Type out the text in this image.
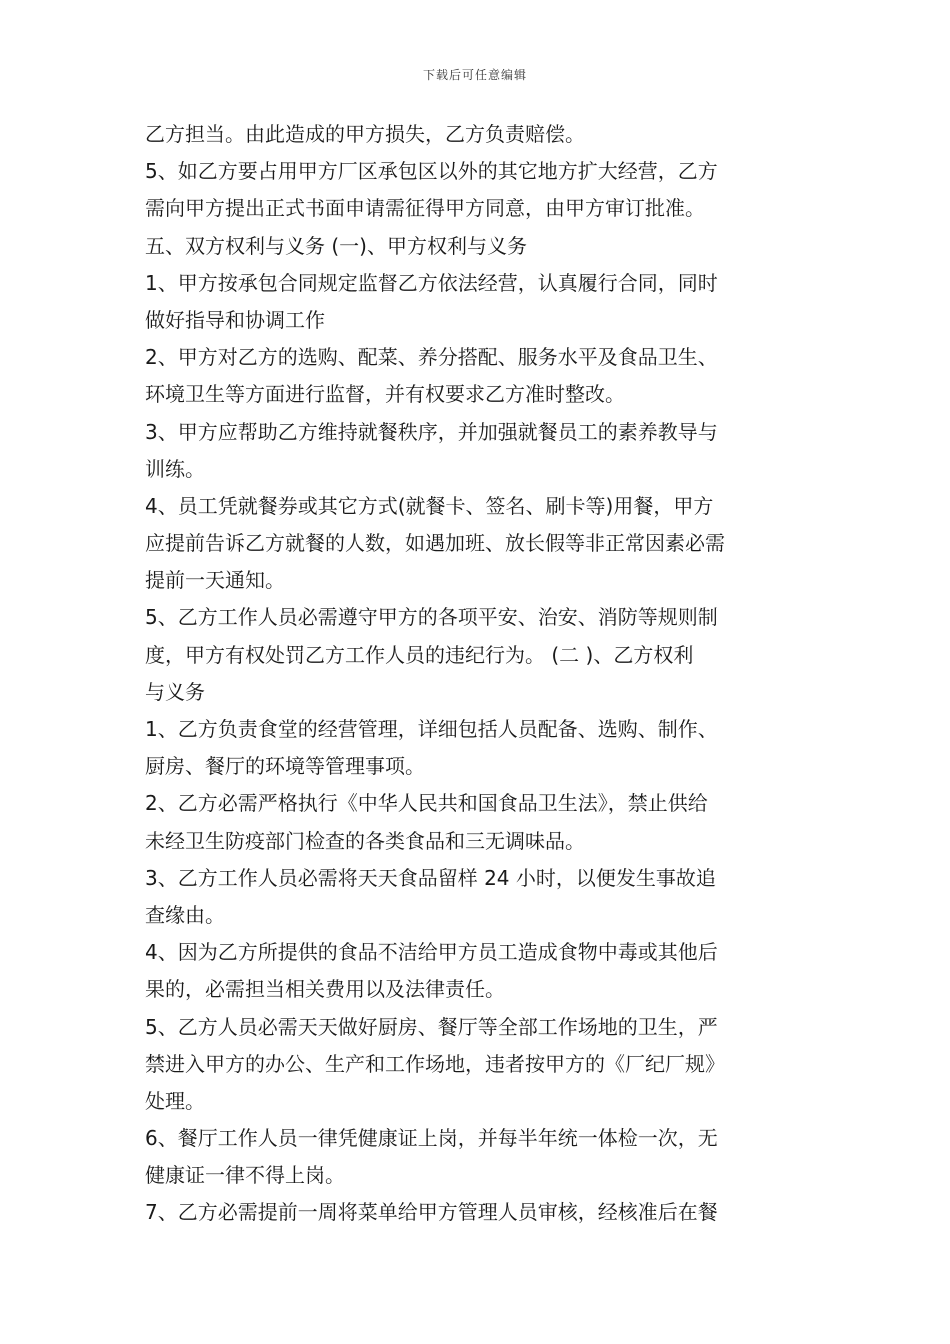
下载后可任意编辑
乙方担当。由此造成的甲方损失，乙方负责赔偿。
5、如乙方要占用甲方厂区承包区以外的其它地方扩大经营，乙方
需向甲方提出正式书面申请需征得甲方同意，由甲方审订批准。
五、双方权利与义务 (一)、甲方权利与义务
1、甲方按承包合同规定监督乙方依法经营，认真履行合同，同时
做好指导和协调工作
2、甲方对乙方的选购、配菜、养分搭配、服务水平及食品卫生、
环境卫生等方面进行监督，并有权要求乙方准时整改。
3、甲方应帮助乙方维持就餐秩序，并加强就餐员工的素养教导与
训练。
4、员工凭就餐券或其它方式(就餐卡、签名、刷卡等)用餐，甲方
应提前告诉乙方就餐的人数，如遇加班、放长假等非正常因素必需
提前一天通知。
5、乙方工作人员必需遵守甲方的各项平安、治安、消防等规则制
度，甲方有权处罚乙方工作人员的违纪行为。 (二 )、乙方权利
与义务
1、乙方负责食堂的经营管理，详细包括人员配备、选购、制作、
厨房、餐厅的环境等管理事项。
2、乙方必需严格执行《中华人民共和国食品卫生法》，禁止供给
未经卫生防疫部门检查的各类食品和三无调味品。
3、乙方工作人员必需将天天食品留样 24 小时，以便发生事故追
查缘由。
4、因为乙方所提供的食品不洁给甲方员工造成食物中毒或其他后
果的，必需担当相关费用以及法律责任。
5、乙方人员必需天天做好厨房、餐厅等全部工作场地的卫生，严
禁进入甲方的办公、生产和工作场地，违者按甲方的《厂纪厂规》
处理。
6、餐厅工作人员一律凭健康证上岗，并每半年统一体检一次，无
健康证一律不得上岗。
7、乙方必需提前一周将菜单给甲方管理人员审核，经核准后在餐
